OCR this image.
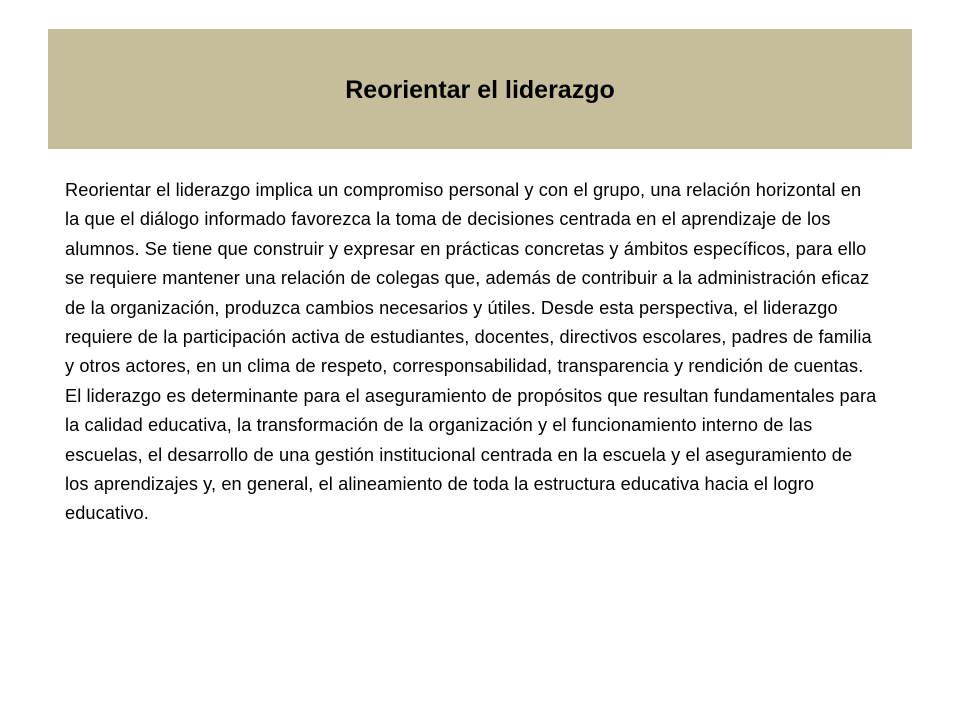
Reorientar el liderazgo

Reorientar el liderazgo implica un compromiso personal y con el grupo, una relación horizontal en la que el diálogo informado favorezca la toma de decisiones centrada en el aprendizaje de los alumnos. Se tiene que construir y expresar en prácticas concretas y ámbitos específicos, para ello se requiere mantener una relación de colegas que, además de contribuir a la administración eficaz de la organización, produzca cambios necesarios y útiles. Desde esta perspectiva, el liderazgo requiere de la participación activa de estudiantes, docentes, directivos escolares, padres de familia y otros actores, en un clima de respeto, corresponsabilidad, transparencia y rendición de cuentas.

El liderazgo es determinante para el aseguramiento de propósitos que resultan fundamentales para la calidad educativa, la transformación de la organización y el funcionamiento interno de las escuelas, el desarrollo de una gestión institucional centrada en la escuela y el aseguramiento de los aprendizajes y, en general, el alineamiento de toda la estructura educativa hacia el logro educativo.
